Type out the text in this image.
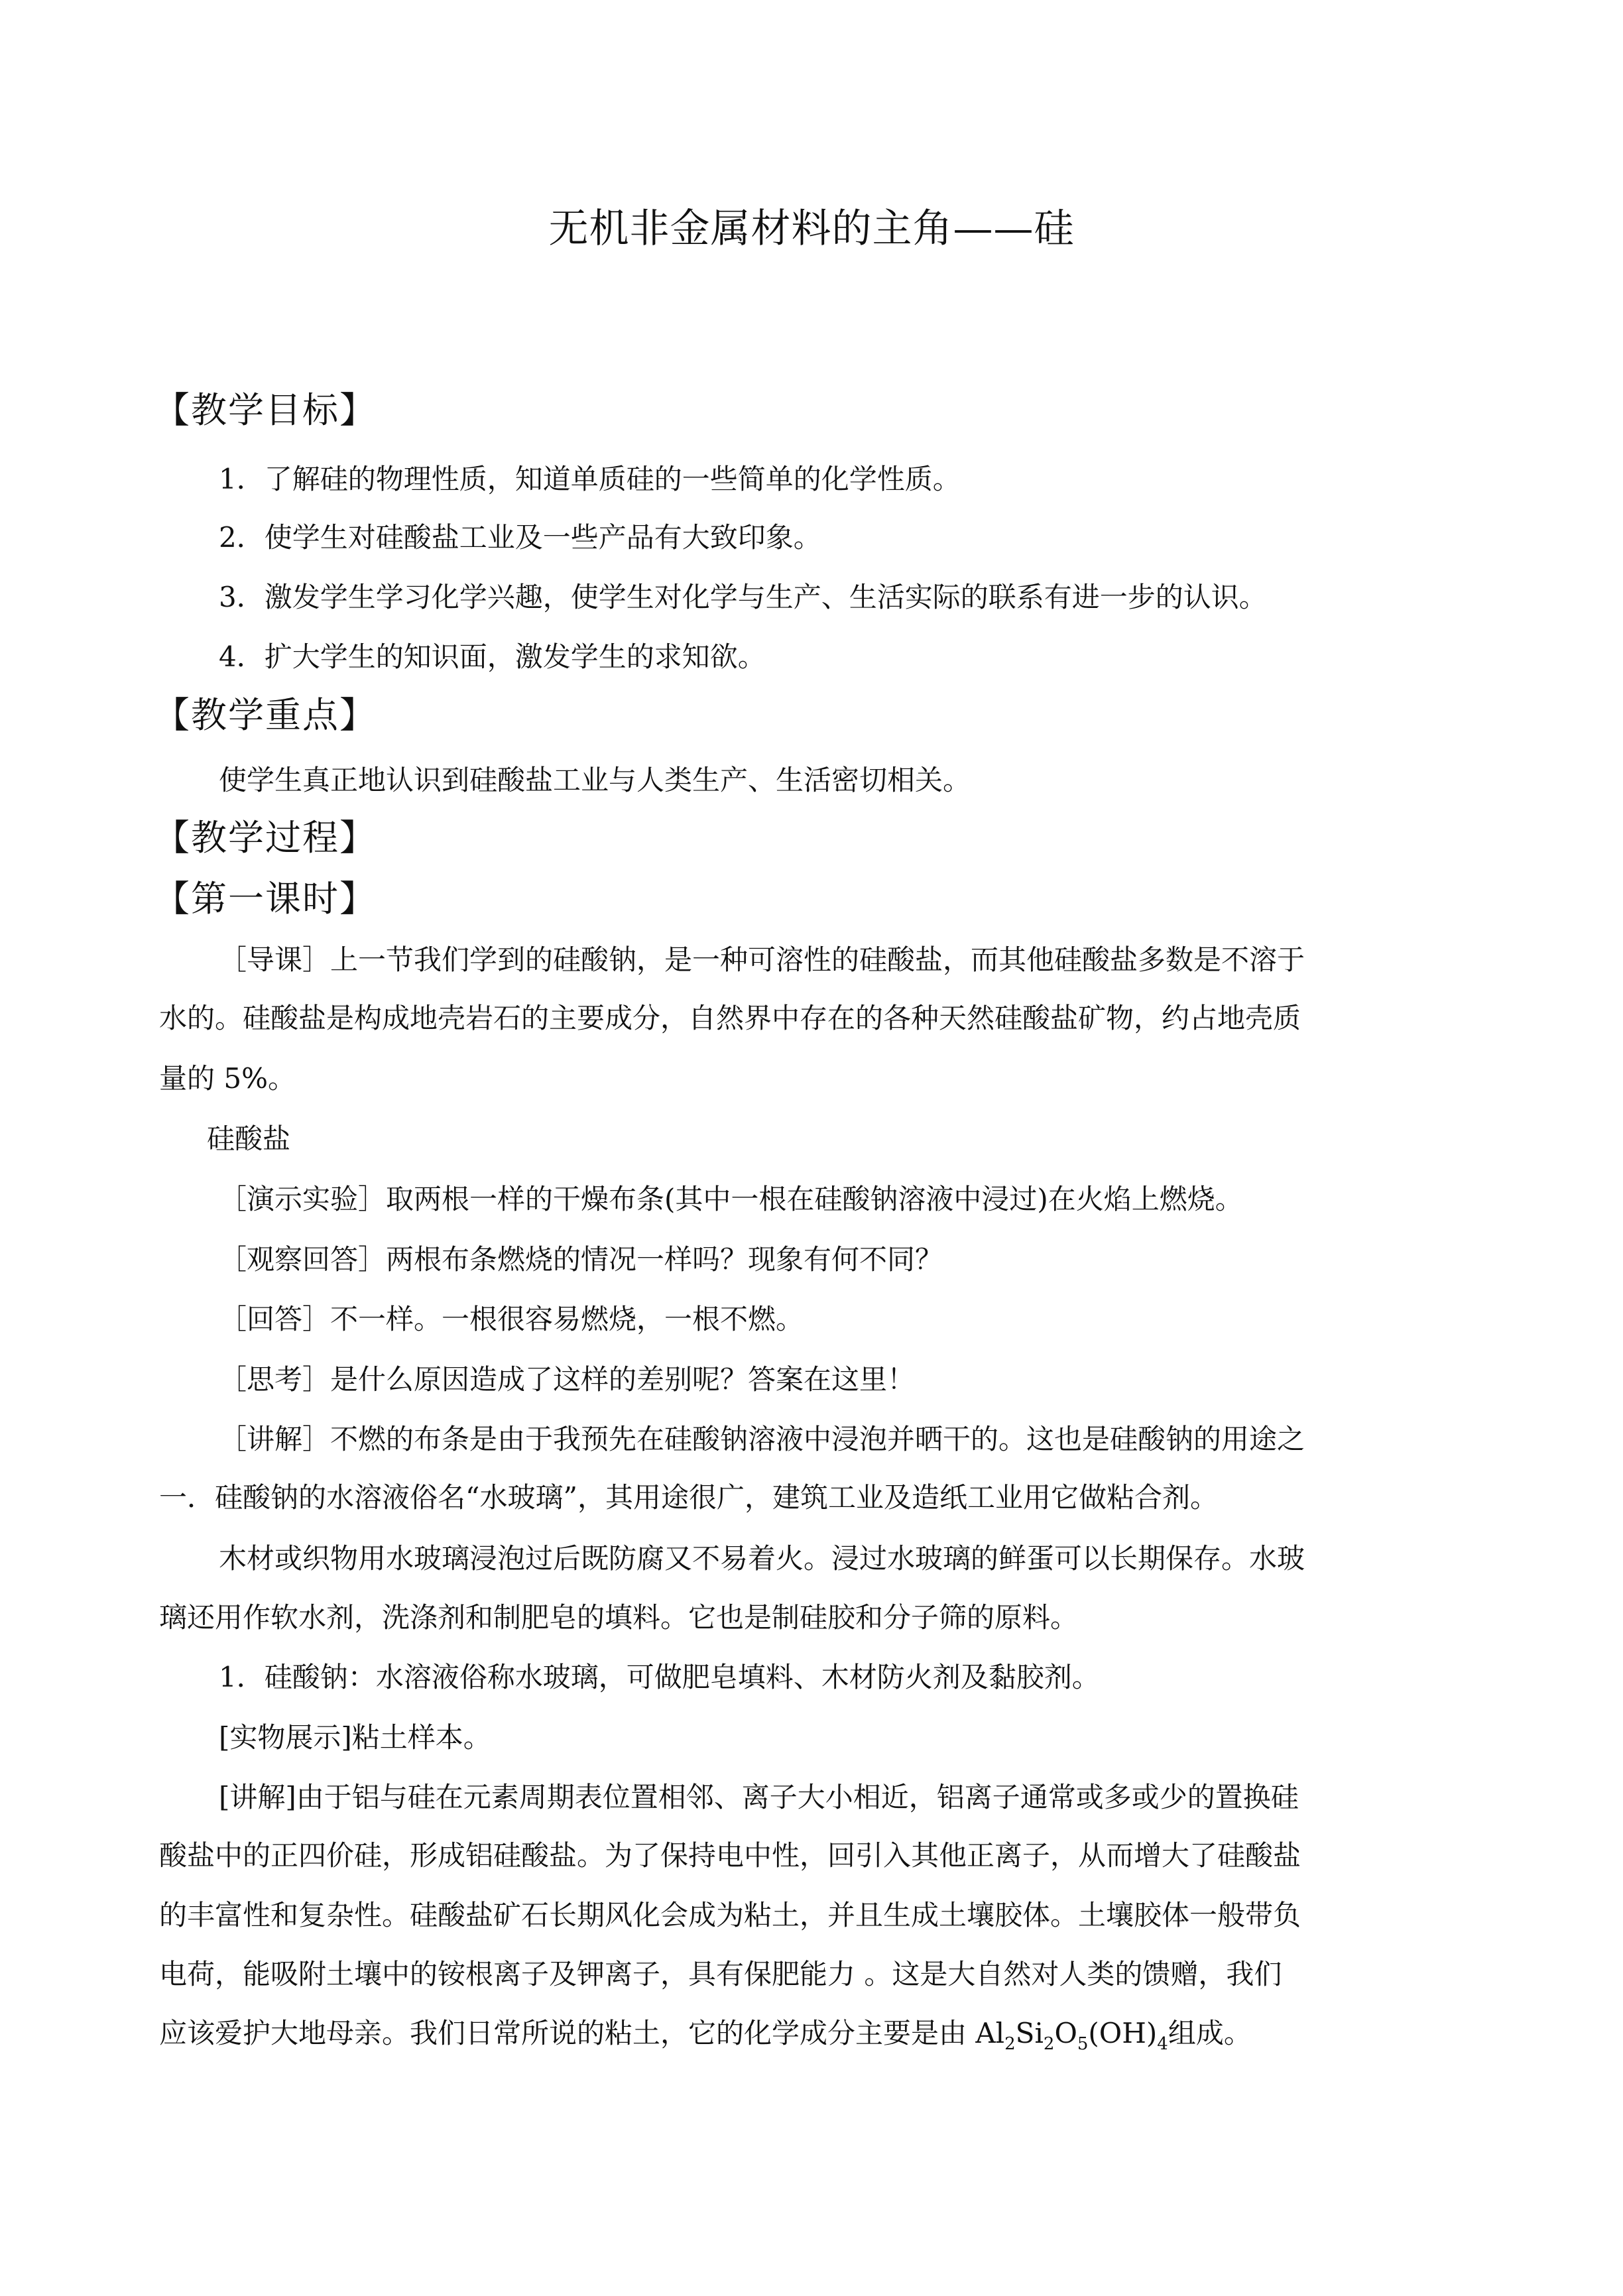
无机非金属材料的主角——硅
【教学目标】
1．了解硅的物理性质，知道单质硅的一些简单的化学性质。
2．使学生对硅酸盐工业及一些产品有大致印象。
3．激发学生学习化学兴趣，使学生对化学与生产、生活实际的联系有进一步的认识。
4．扩大学生的知识面，激发学生的求知欲。
【教学重点】
使学生真正地认识到硅酸盐工业与人类生产、生活密切相关。
【教学过程】
【第一课时】
［导课］上一节我们学到的硅酸钠，是一种可溶性的硅酸盐，而其他硅酸盐多数是不溶于
水的。硅酸盐是构成地壳岩石的主要成分，自然界中存在的各种天然硅酸盐矿物，约占地壳质
量的 5%。
硅酸盐
［演示实验］取两根一样的干燥布条(其中一根在硅酸钠溶液中浸过)在火焰上燃烧。
［观察回答］两根布条燃烧的情况一样吗？现象有何不同？
［回答］不一样。一根很容易燃烧，一根不燃。
［思考］是什么原因造成了这样的差别呢？答案在这里！
［讲解］不燃的布条是由于我预先在硅酸钠溶液中浸泡并晒干的。这也是硅酸钠的用途之
一．硅酸钠的水溶液俗名“水玻璃”，其用途很广，建筑工业及造纸工业用它做粘合剂。
木材或织物用水玻璃浸泡过后既防腐又不易着火。浸过水玻璃的鲜蛋可以长期保存。水玻
璃还用作软水剂，洗涤剂和制肥皂的填料。它也是制硅胶和分子筛的原料。
1．硅酸钠：水溶液俗称水玻璃，可做肥皂填料、木材防火剂及黏胶剂。
[实物展示]粘土样本。
[讲解]由于铝与硅在元素周期表位置相邻、离子大小相近，铝离子通常或多或少的置换硅
酸盐中的正四价硅，形成铝硅酸盐。为了保持电中性，回引入其他正离子，从而增大了硅酸盐
的丰富性和复杂性。硅酸盐矿石长期风化会成为粘土，并且生成土壤胶体。土壤胶体一般带负
电荷，能吸附土壤中的铵根离子及钾离子，具有保肥能力 。这是大自然对人类的馈赠，我们
应该爱护大地母亲。我们日常所说的粘土，它的化学成分主要是由 $Al_2Si_2O_5(OH)_4$组成。
